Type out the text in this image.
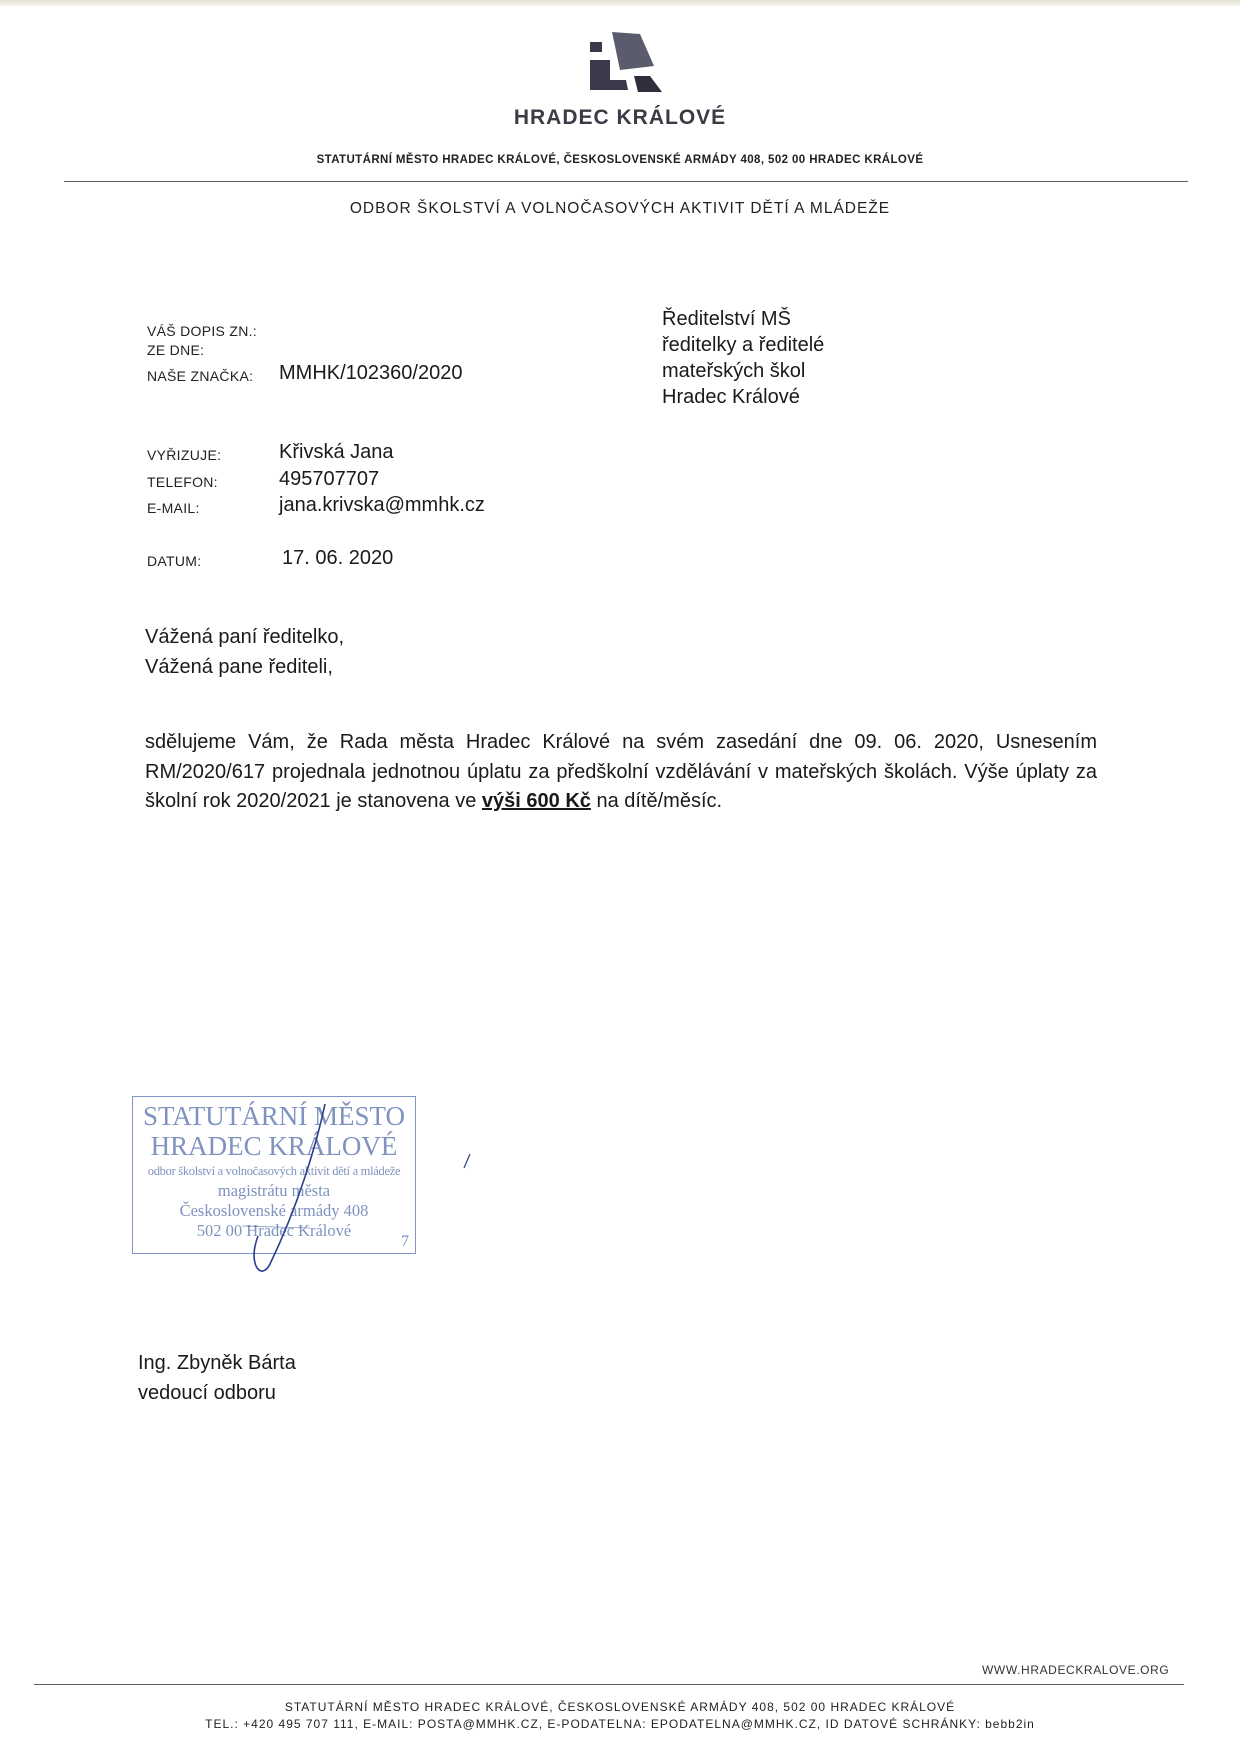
HRADEC KRÁLOVÉ
STATUTÁRNÍ MĚSTO HRADEC KRÁLOVÉ, ČESKOSLOVENSKÉ ARMÁDY 408, 502 00 HRADEC KRÁLOVÉ
ODBOR ŠKOLSTVÍ A VOLNOČASOVÝCH AKTIVIT DĚTÍ A MLÁDEŽE
VÁŠ DOPIS ZN.:
ZE DNE:
NAŠE ZNAČKA: MMHK/102360/2020
Ředitelství MŠ
ředitelky a ředitelé
mateřských škol
Hradec Králové
VYŘIZUJE:	Křivská Jana
TELEFON:	495707707
E-MAIL:	jana.krivska@mmhk.cz
DATUM:	17. 06. 2020
Vážená paní ředitelko,
Vážená pane řediteli,
sdělujeme Vám, že Rada města Hradec Králové na svém zasedání dne 09. 06. 2020, Usnesením RM/2020/617 projednala jednotnou úplatu za předškolní vzdělávání v mateřských školách. Výše úplaty za školní rok 2020/2021 je stanovena ve výši 600 Kč na dítě/měsíc.
STATUTÁRNÍ MĚSTO
HRADEC KRÁLOVÉ
odbor školství a volnočasových aktivit dětí a mládeže
magistrátu města
Československé armády 408
502 00 Hradec Králové
7
Ing. Zbyněk Bárta
vedoucí odboru
WWW.HRADECKRALOVE.ORG
STATUTÁRNÍ MĚSTO HRADEC KRÁLOVÉ, ČESKOSLOVENSKÉ ARMÁDY 408, 502 00 HRADEC KRÁLOVÉ
TEL.: +420 495 707 111, E-MAIL: POSTA@MMHK.CZ, E-PODATELNA: EPODATELNA@MMHK.CZ, ID DATOVÉ SCHRÁNKY: bebb2in
